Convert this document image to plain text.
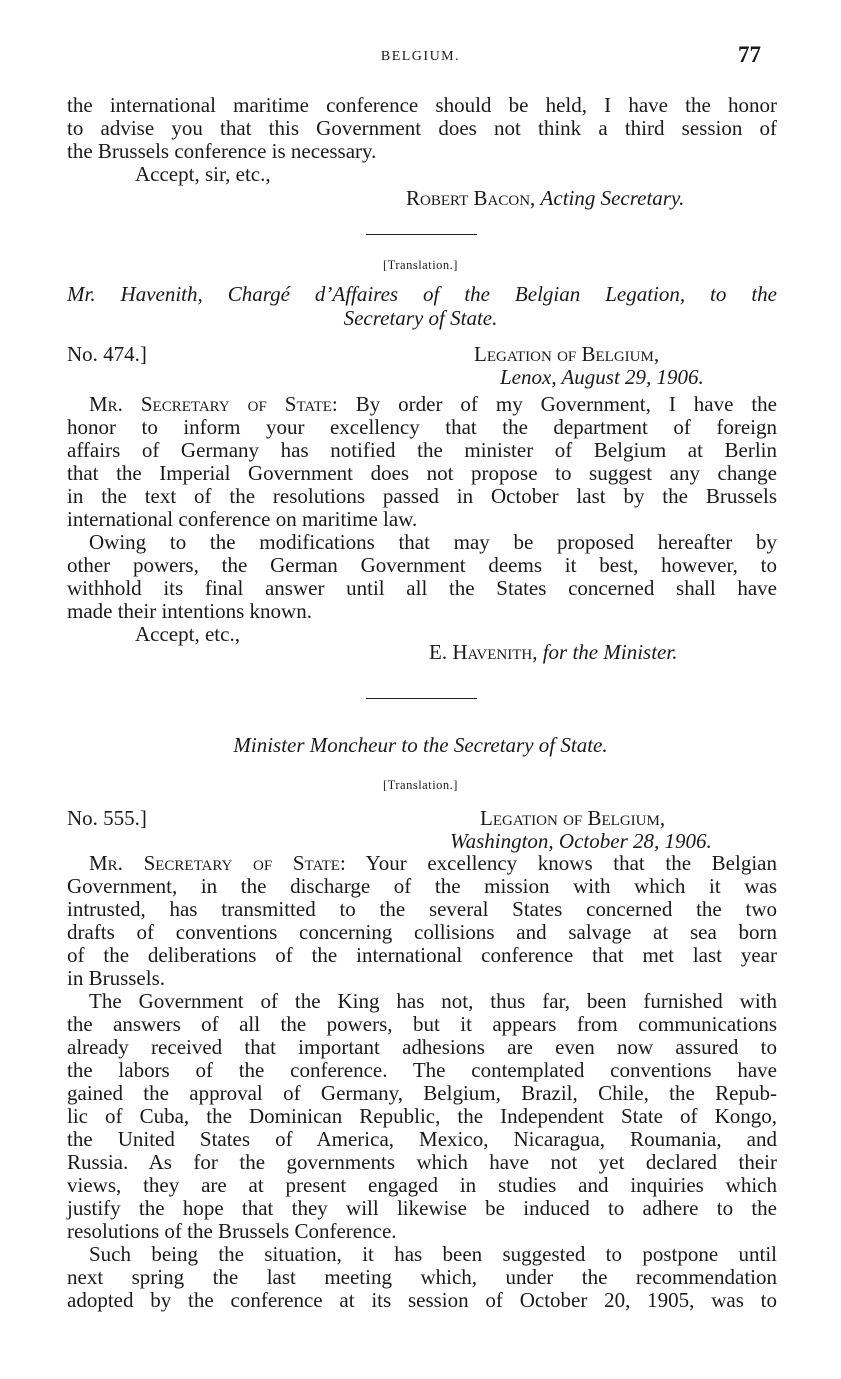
BELGIUM.	77
the international maritime conference should be held, I have the honor
to advise you that this Government does not think a third session of
the Brussels conference is necessary.
Accept, sir, etc.,
Robert Bacon, Acting Secretary.
[Translation.]
Mr. Havenith, Chargé d’Affaires of the Belgian Legation, to the
Secretary of State.
No. 474.]	Legation of Belgium,
Lenox, August 29, 1906.
Mr. Secretary of State: By order of my Government, I have the
honor to inform your excellency that the department of foreign
affairs of Germany has notified the minister of Belgium at Berlin
that the Imperial Government does not propose to suggest any change
in the text of the resolutions passed in October last by the Brussels
international conference on maritime law.
Owing to the modifications that may be proposed hereafter by
other powers, the German Government deems it best, however, to
withhold its final answer until all the States concerned shall have
made their intentions known.
Accept, etc.,
E. Havenith, for the Minister.
Minister Moncheur to the Secretary of State.
[Translation.]
No. 555.]	Legation of Belgium,
Washington, October 28, 1906.
Mr. Secretary of State: Your excellency knows that the Belgian
Government, in the discharge of the mission with which it was
intrusted, has transmitted to the several States concerned the two
drafts of conventions concerning collisions and salvage at sea born
of the deliberations of the international conference that met last year
in Brussels.
The Government of the King has not, thus far, been furnished with
the answers of all the powers, but it appears from communications
already received that important adhesions are even now assured to
the labors of the conference. The contemplated conventions have
gained the approval of Germany, Belgium, Brazil, Chile, the Repub-
lic of Cuba, the Dominican Republic, the Independent State of Kongo,
the United States of America, Mexico, Nicaragua, Roumania, and
Russia. As for the governments which have not yet declared their
views, they are at present engaged in studies and inquiries which
justify the hope that they will likewise be induced to adhere to the
resolutions of the Brussels Conference.
Such being the situation, it has been suggested to postpone until
next spring the last meeting which, under the recommendation
adopted by the conference at its session of October 20, 1905, was to
